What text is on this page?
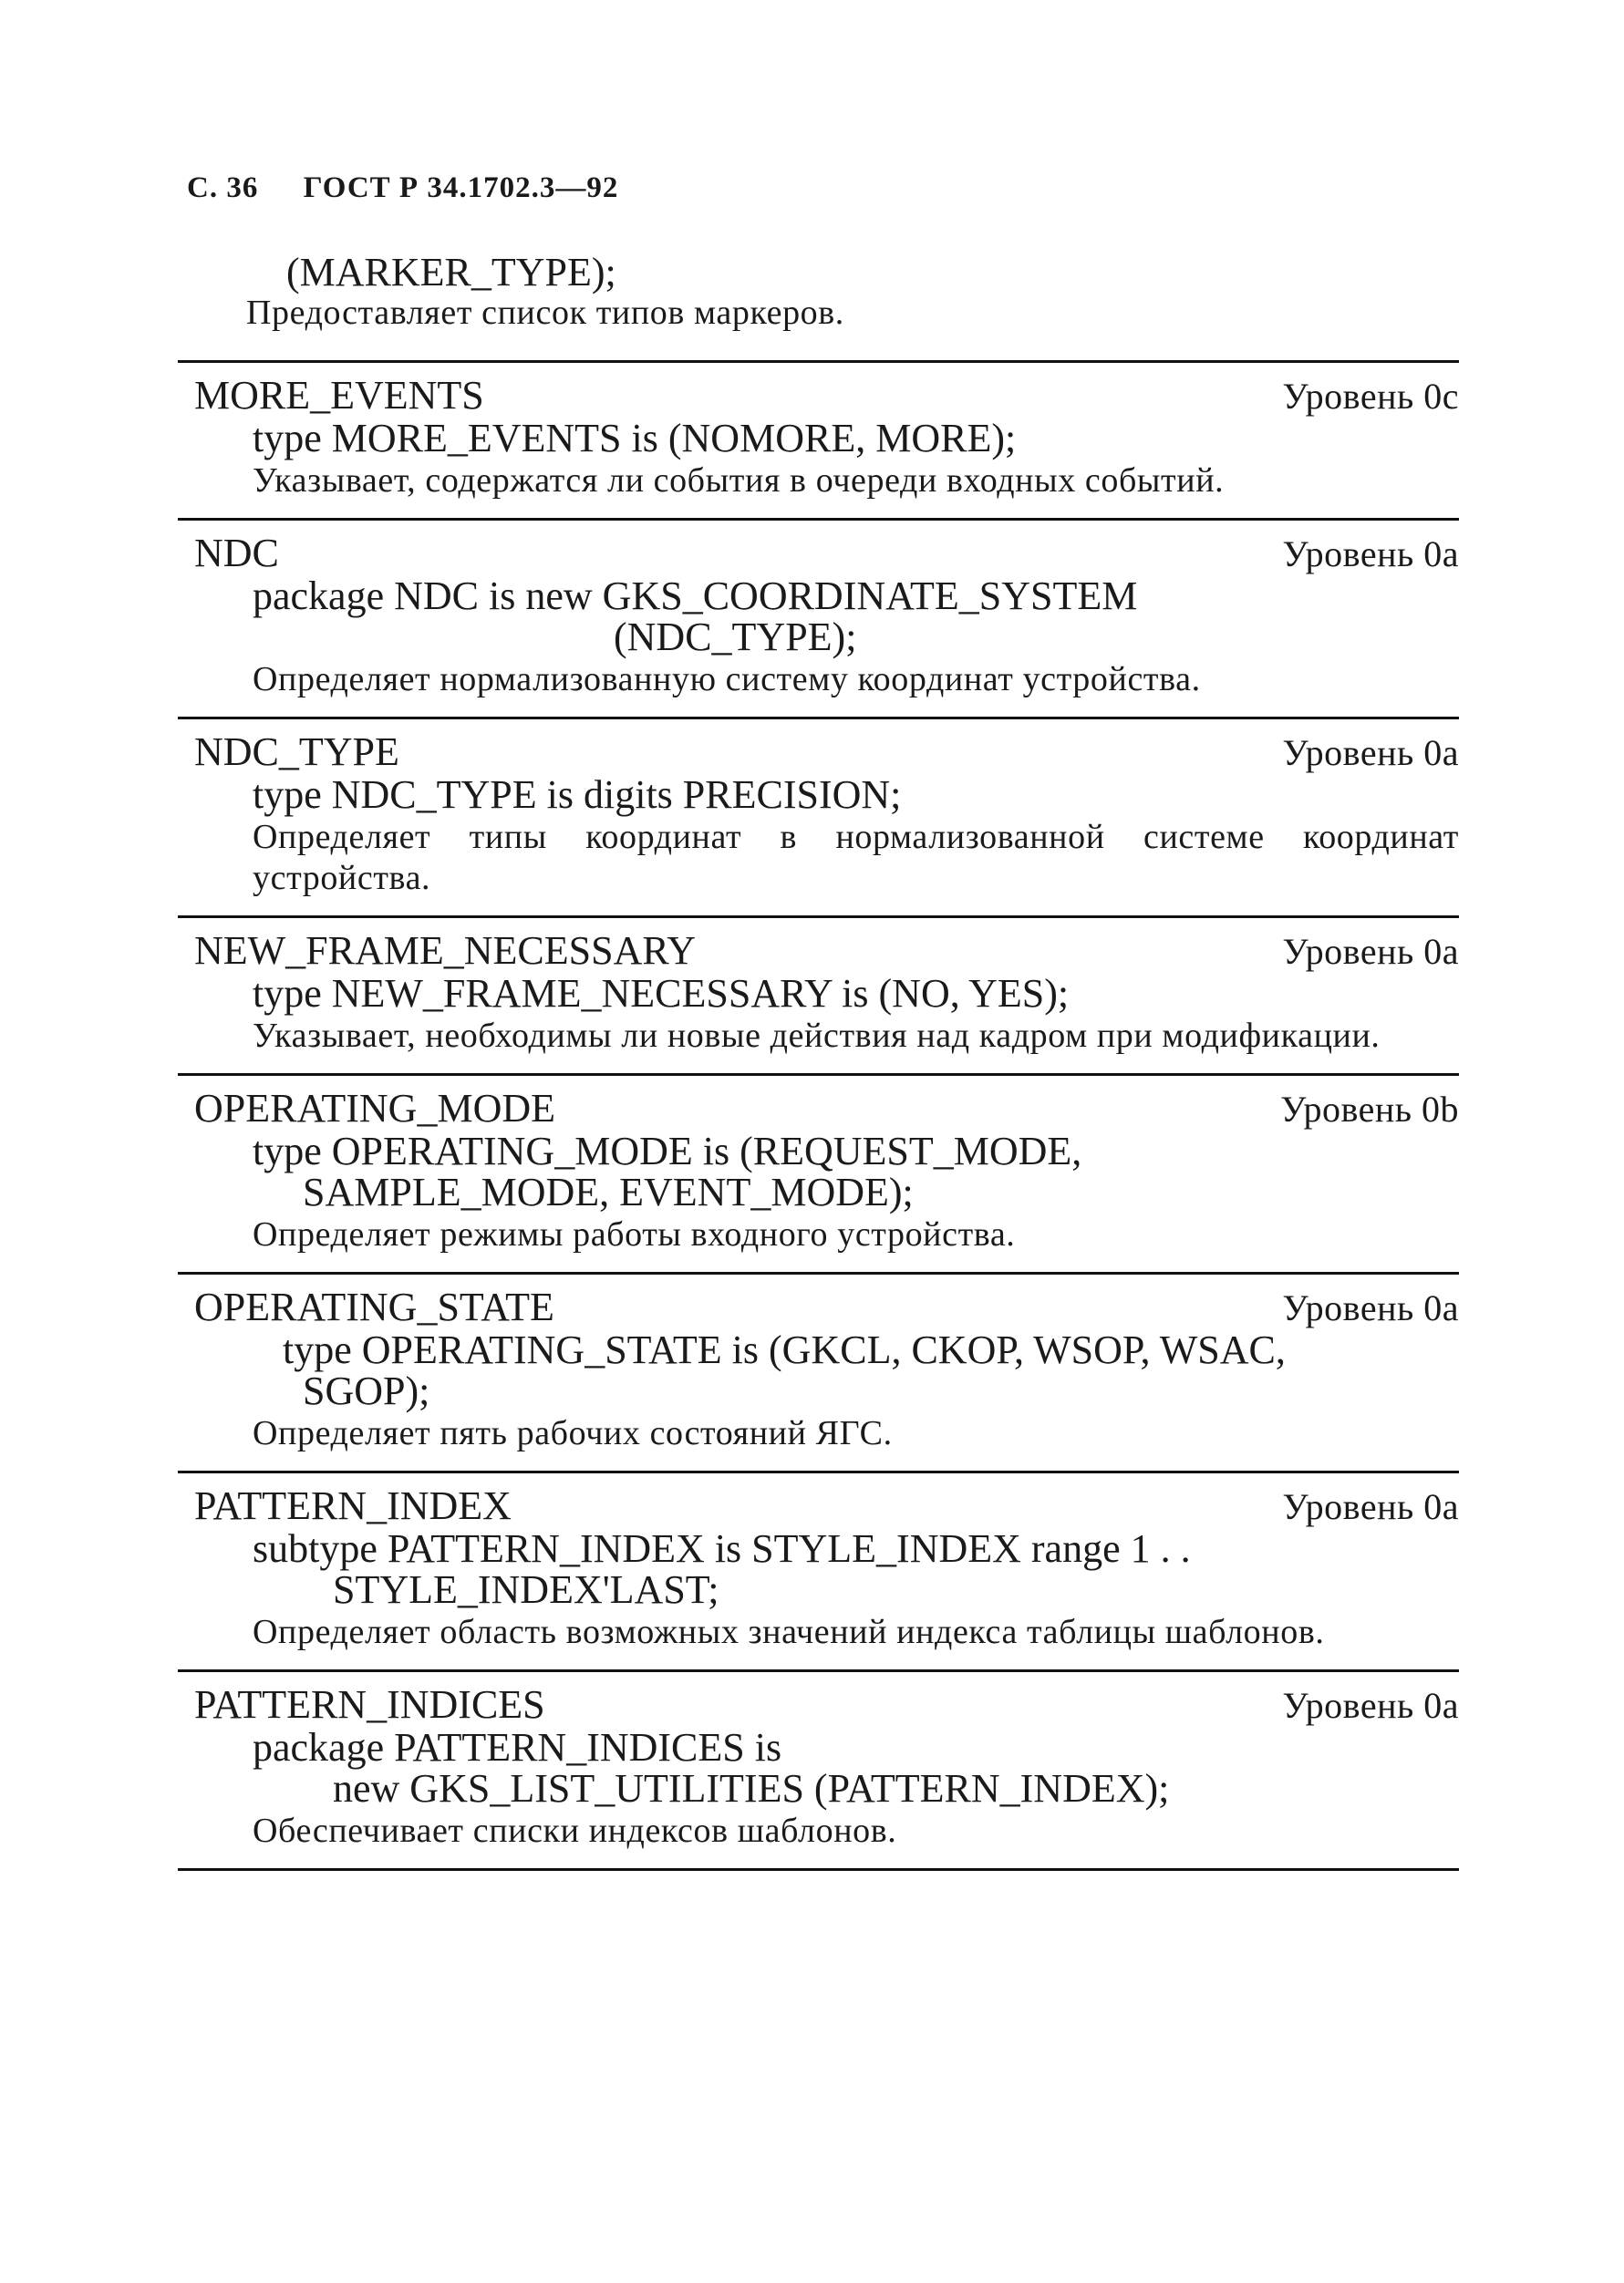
С. 36 ГОСТ Р 34.1702.3—92
(MARKER_TYPE);
Предоставляет список типов маркеров.
MORE_EVENTS	Уровень 0c
type MORE_EVENTS is (NOMORE, MORE);
Указывает, содержатся ли события в очереди входных событий.
NDC	Уровень 0a
package NDC is new GKS_COORDINATE_SYSTEM
(NDC_TYPE);
Определяет нормализованную систему координат устройства.
NDC_TYPE	Уровень 0a
type NDC_TYPE is digits PRECISION;
Определяет типы координат в нормализованной системе координат устройства.
NEW_FRAME_NECESSARY	Уровень 0a
type NEW_FRAME_NECESSARY is (NO, YES);
Указывает, необходимы ли новые действия над кадром при модификации.
OPERATING_MODE	Уровень 0b
type OPERATING_MODE is (REQUEST_MODE,
SAMPLE_MODE, EVENT_MODE);
Определяет режимы работы входного устройства.
OPERATING_STATE	Уровень 0a
type OPERATING_STATE is (GKCL, CKOP, WSOP, WSAC,
SGOP);
Определяет пять рабочих состояний ЯГС.
PATTERN_INDEX	Уровень 0a
subtype PATTERN_INDEX is STYLE_INDEX range 1 . .
STYLE_INDEX'LAST;
Определяет область возможных значений индекса таблицы шаблонов.
PATTERN_INDICES	Уровень 0a
package PATTERN_INDICES is
new GKS_LIST_UTILITIES (PATTERN_INDEX);
Обеспечивает списки индексов шаблонов.
